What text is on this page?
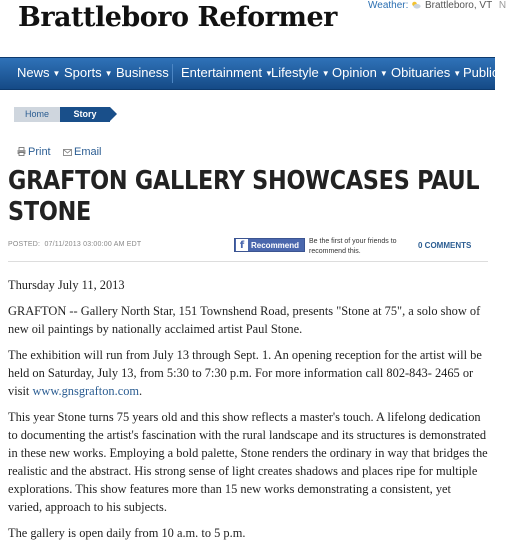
Brattleboro Reformer	Weather: Brattleboro, VT N
News ▼ Sports ▼ Business Entertainment ▼
Lifestyle ▼ Opinion ▼ Obituaries ▼ Publica
Home	Story
Print	Email
GRAFTON GALLERY SHOWCASES PAUL STONE
POSTED: 07/11/2013 03:00:00 AM EDT	f Recommend	Be the first of your friends to recommend this.
0 COMMENTS

Thursday July 11, 2013

GRAFTON -- Gallery North Star, 151 Townshend Road, presents "Stone at 75", a solo show of new oil paintings by nationally acclaimed artist Paul Stone.

The exhibition will run from July 13 through Sept. 1. An opening reception for the artist will be held on Saturday, July 13, from 5:30 to 7:30 p.m. For more information call 802-843- 2465 or visit www.gnsgrafton.com.

This year Stone turns 75 years old and this show reflects a master's touch. A lifelong dedication to documenting the artist's fascination with the rural landscape and its structures is demonstrated in these new works. Employing a bold palette, Stone renders the ordinary in way that bridges the realistic and the abstract. His strong sense of light creates shadows and places ripe for multiple explorations. This show features more than 15 new works demonstrating a consistent, yet varied, approach to his subjects.

The gallery is open daily from 10 a.m. to 5 p.m.
